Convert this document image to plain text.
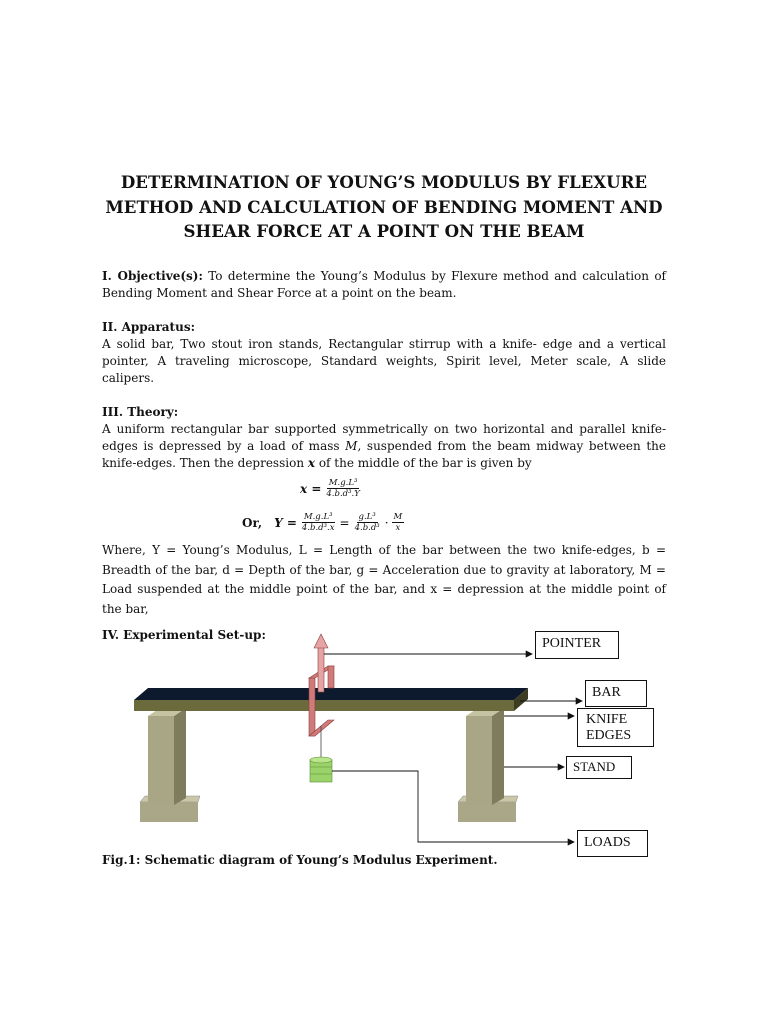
DETERMINATION OF YOUNG’S MODULUS BY FLEXURE METHOD AND CALCULATION OF BENDING MOMENT AND SHEAR FORCE AT A POINT ON THE BEAM

I. Objective(s): To determine the Young’s Modulus by Flexure method and calculation of Bending Moment and Shear Force at a point on the beam.

II. Apparatus:
A solid bar, Two stout iron stands, Rectangular stirrup with a knife- edge and a vertical pointer, A traveling microscope, Standard weights, Spirit level, Meter scale, A slide calipers.

III. Theory:
A uniform rectangular bar supported symmetrically on two horizontal and parallel knife-edges is depressed by a load of mass M, suspended from the beam midway between the knife-edges. Then the depression x of the middle of the bar is given by

$x = \frac{\text{M.g.L³}}{\text{4.b.d³.Y}}$
Or, $Y = \frac{\text{M.g.L³}}{\text{4.b.d³.x}} = \frac{\text{g.L³}}{\text{4.b.d³}} \cdot \frac{M}{x}$

Where, Y = Young’s Modulus, L = Length of the bar between the two knife-edges, b = Breadth of the bar, d = Depth of the bar, g = Acceleration due to gravity at laboratory, M = Load suspended at the middle point of the bar, and x = depression at the middle point of the bar,

IV. Experimental Set-up:

POINTER
BAR
KNIFE EDGES
STAND
LOADS

Fig.1: Schematic diagram of Young’s Modulus Experiment.
